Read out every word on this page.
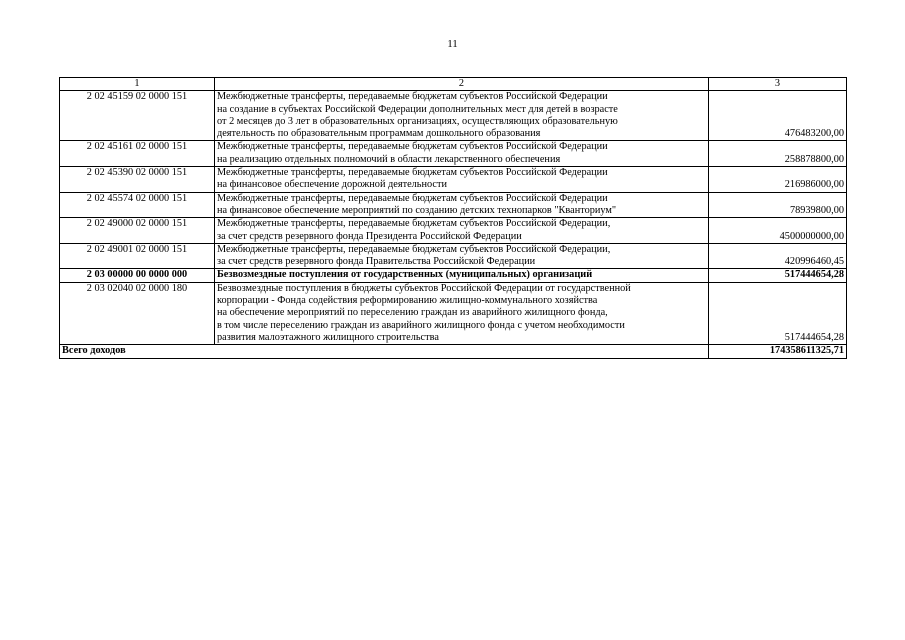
11
1	2	3
2 02 45159 02 0000 151	Межбюджетные трансферты, передаваемые бюджетам субъектов Российской Федерации
на создание в субъектах Российской Федерации дополнительных мест для детей в возрасте
от 2 месяцев до 3 лет в образовательных организациях, осуществляющих образовательную
деятельность по образовательным программам дошкольного образования	476483200,00
2 02 45161 02 0000 151	Межбюджетные трансферты, передаваемые бюджетам субъектов Российской Федерации
на реализацию отдельных полномочий в области лекарственного обеспечения	258878800,00
2 02 45390 02 0000 151	Межбюджетные трансферты, передаваемые бюджетам субъектов Российской Федерации
на финансовое обеспечение дорожной деятельности	216986000,00
2 02 45574 02 0000 151	Межбюджетные трансферты, передаваемые бюджетам субъектов Российской Федерации
на финансовое обеспечение мероприятий по созданию детских технопарков "Кванториум"	78939800,00
2 02 49000 02 0000 151	Межбюджетные трансферты, передаваемые бюджетам субъектов Российской Федерации,
за счет средств резервного фонда Президента Российской Федерации	4500000000,00
2 02 49001 02 0000 151	Межбюджетные трансферты, передаваемые бюджетам субъектов Российской Федерации,
за счет средств резервного фонда Правительства Российской Федерации	420996460,45
2 03 00000 00 0000 000	Безвозмездные поступления от государственных (муниципальных) организаций	517444654,28
2 03 02040 02 0000 180	Безвозмездные поступления в бюджеты субъектов Российской Федерации от государственной
корпорации - Фонда содействия реформированию жилищно-коммунального хозяйства
на обеспечение мероприятий по переселению граждан из аварийного жилищного фонда,
в том числе переселению граждан из аварийного жилищного фонда с учетом необходимости
развития малоэтажного жилищного строительства	517444654,28
Всего доходов		174358611325,71
